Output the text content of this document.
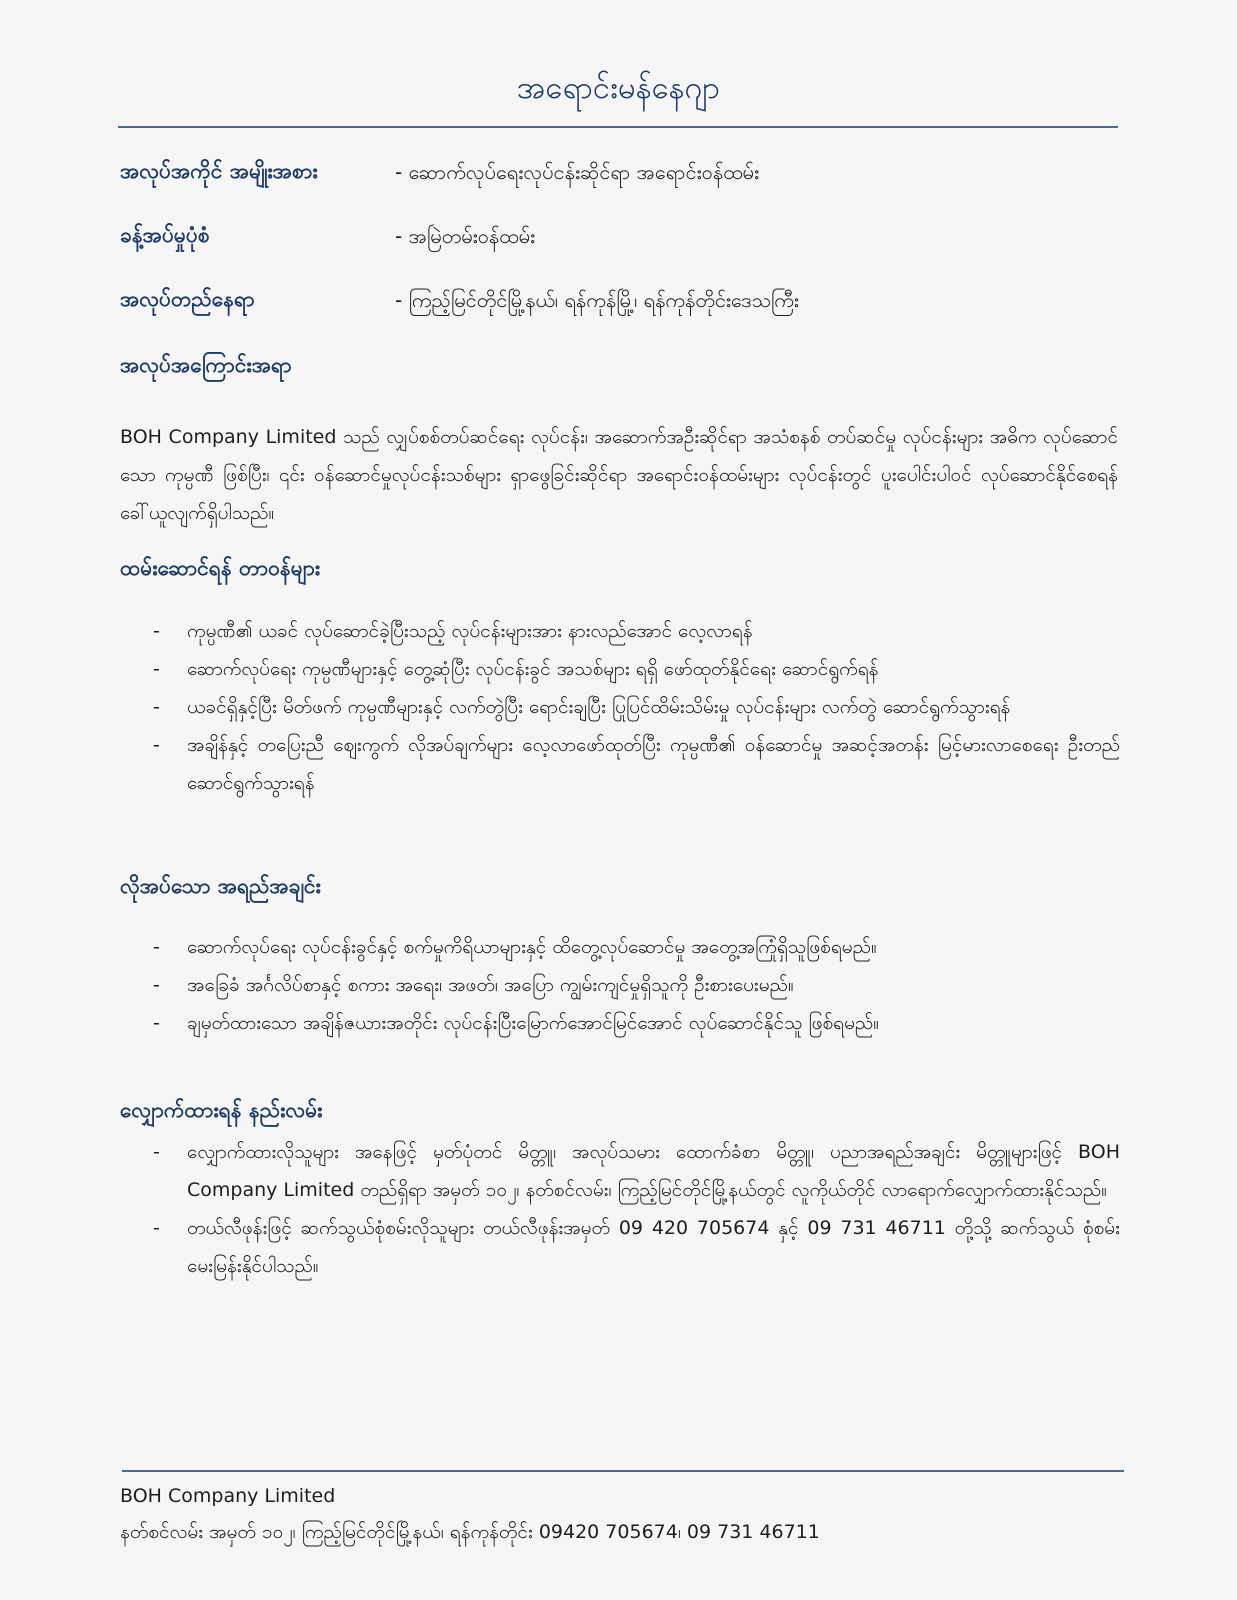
အရောင်းမန်နေဂျာ
အလုပ်အကိုင် အမျိုးအစား	- ဆောက်လုပ်ရေးလုပ်ငန်းဆိုင်ရာ အရောင်းဝန်ထမ်း
ခန့်အပ်မှုပုံစံ	- အမြဲတမ်းဝန်ထမ်း
အလုပ်တည်နေရာ	- ကြည့်မြင်တိုင်မြို့နယ်၊ ရန်ကုန်မြို့၊ ရန်ကုန်တိုင်းဒေသကြီး
အလုပ်အကြောင်းအရာ

BOH Company Limited သည် လျှပ်စစ်တပ်ဆင်ရေး လုပ်ငန်း၊ အဆောက်အဦးဆိုင်ရာ အသံစနစ် တပ်ဆင်မှု လုပ်ငန်းများ အဓိက လုပ်ဆောင်သော ကုမ္ပဏီ ဖြစ်ပြီး၊ ၎င်း ဝန်ဆောင်မှုလုပ်ငန်းသစ်များ ရှာဖွေခြင်းဆိုင်ရာ အရောင်းဝန်ထမ်းများ လုပ်ငန်းတွင် ပူးပေါင်းပါဝင် လုပ်ဆောင်နိုင်စေရန် ခေါ်ယူလျက်ရှိပါသည်။

ထမ်းဆောင်ရန် တာဝန်များ
- ကုမ္ပဏီ၏ ယခင် လုပ်ဆောင်ခဲ့ပြီးသည့် လုပ်ငန်းများအား နားလည်အောင် လေ့လာရန်
- ဆောက်လုပ်ရေး ကုမ္ပဏီများနှင့် တွေ့ဆုံပြီး လုပ်ငန်းခွင် အသစ်များ ရရှိ ဖော်ထုတ်နိုင်ရေး ဆောင်ရွက်ရန်
- ယခင်ရှိနှင့်ပြီး မိတ်ဖက် ကုမ္ပဏီများနှင့် လက်တွဲပြီး ရောင်းချပြီး ပြုပြင်ထိမ်းသိမ်းမှု လုပ်ငန်းများ လက်တွဲ ဆောင်ရွက်သွားရန်
- အချိန်နှင့် တပြေးညီ ဈေးကွက် လိုအပ်ချက်များ လေ့လာဖော်ထုတ်ပြီး ကုမ္ပဏီ၏ ဝန်ဆောင်မှု အဆင့်အတန်း မြင့်မားလာစေရေး ဦးတည် ဆောင်ရွက်သွားရန်
လိုအပ်သော အရည်အချင်း
- ဆောက်လုပ်ရေး လုပ်ငန်းခွင်နှင့် စက်မှုကိရိယာများနှင့် ထိတွေ့လုပ်ဆောင်မှု အတွေ့အကြုံရှိသူဖြစ်ရမည်။
- အခြေခံ အင်္ဂလိပ်စာနှင့် စကား အရေး၊ အဖတ်၊ အပြော ကျွမ်းကျင်မှုရှိသူကို ဦးစားပေးမည်။
- ချမှတ်ထားသော အချိန်ဇယားအတိုင်း လုပ်ငန်းပြီးမြောက်အောင်မြင်အောင် လုပ်ဆောင်နိုင်သူ ဖြစ်ရမည်။
လျှောက်ထားရန် နည်းလမ်း
- လျှောက်ထားလိုသူများ အနေဖြင့် မှတ်ပုံတင် မိတ္တူ၊ အလုပ်သမား ထောက်ခံစာ မိတ္တူ၊ ပညာအရည်အချင်း မိတ္တူများဖြင့် BOH Company Limited တည်ရှိရာ အမှတ် ၁၀၂၊ နတ်စင်လမ်း၊ ကြည့်မြင်တိုင်မြို့နယ်တွင် လူကိုယ်တိုင် လာရောက်လျှောက်ထားနိုင်သည်။
- တယ်လီဖုန်းဖြင့် ဆက်သွယ်စုံစမ်းလိုသူများ တယ်လီဖုန်းအမှတ် 09 420 705674 နှင့် 09 731 46711 တို့သို့ ဆက်သွယ် စုံစမ်း မေးမြန်းနိုင်ပါသည်။
BOH Company Limited
နတ်စင်လမ်း အမှတ် ၁၀၂၊ ကြည့်မြင်တိုင်မြို့နယ်၊ ရန်ကုန်တိုင်း 09420 705674၊ 09 731 46711
